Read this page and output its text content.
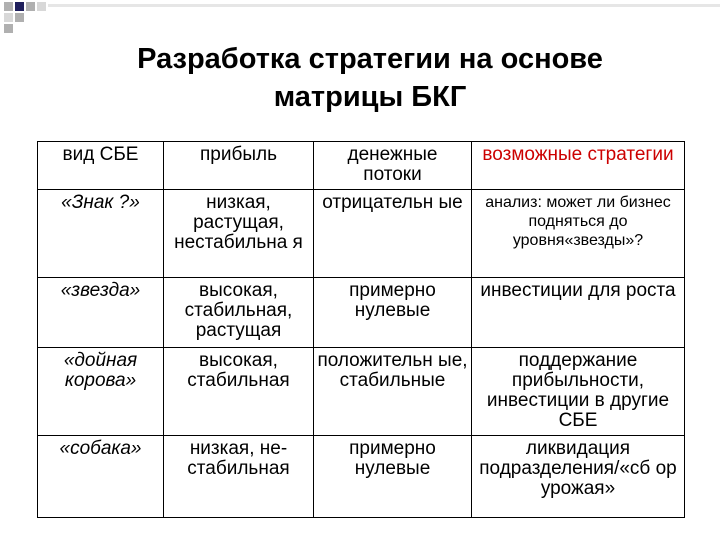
Разработка стратегии на основе
матрицы БКГ
вид СБЕ	прибыль	денежные потоки	возможные стратегии
«Знак ?»	низкая, растущая, нестабильна я	отрицательн ые	анализ: может ли бизнес подняться до уровня«звезды»?
«звезда»	высокая, стабильная, растущая	примерно нулевые	инвестиции для роста
«дойная корова»	высокая, стабильная	положительн ые, стабильные	поддержание прибыльности, инвестиции в другие СБЕ
«собака»	низкая, не- стабильная	примерно нулевые	ликвидация подразделения/«сб ор урожая»
